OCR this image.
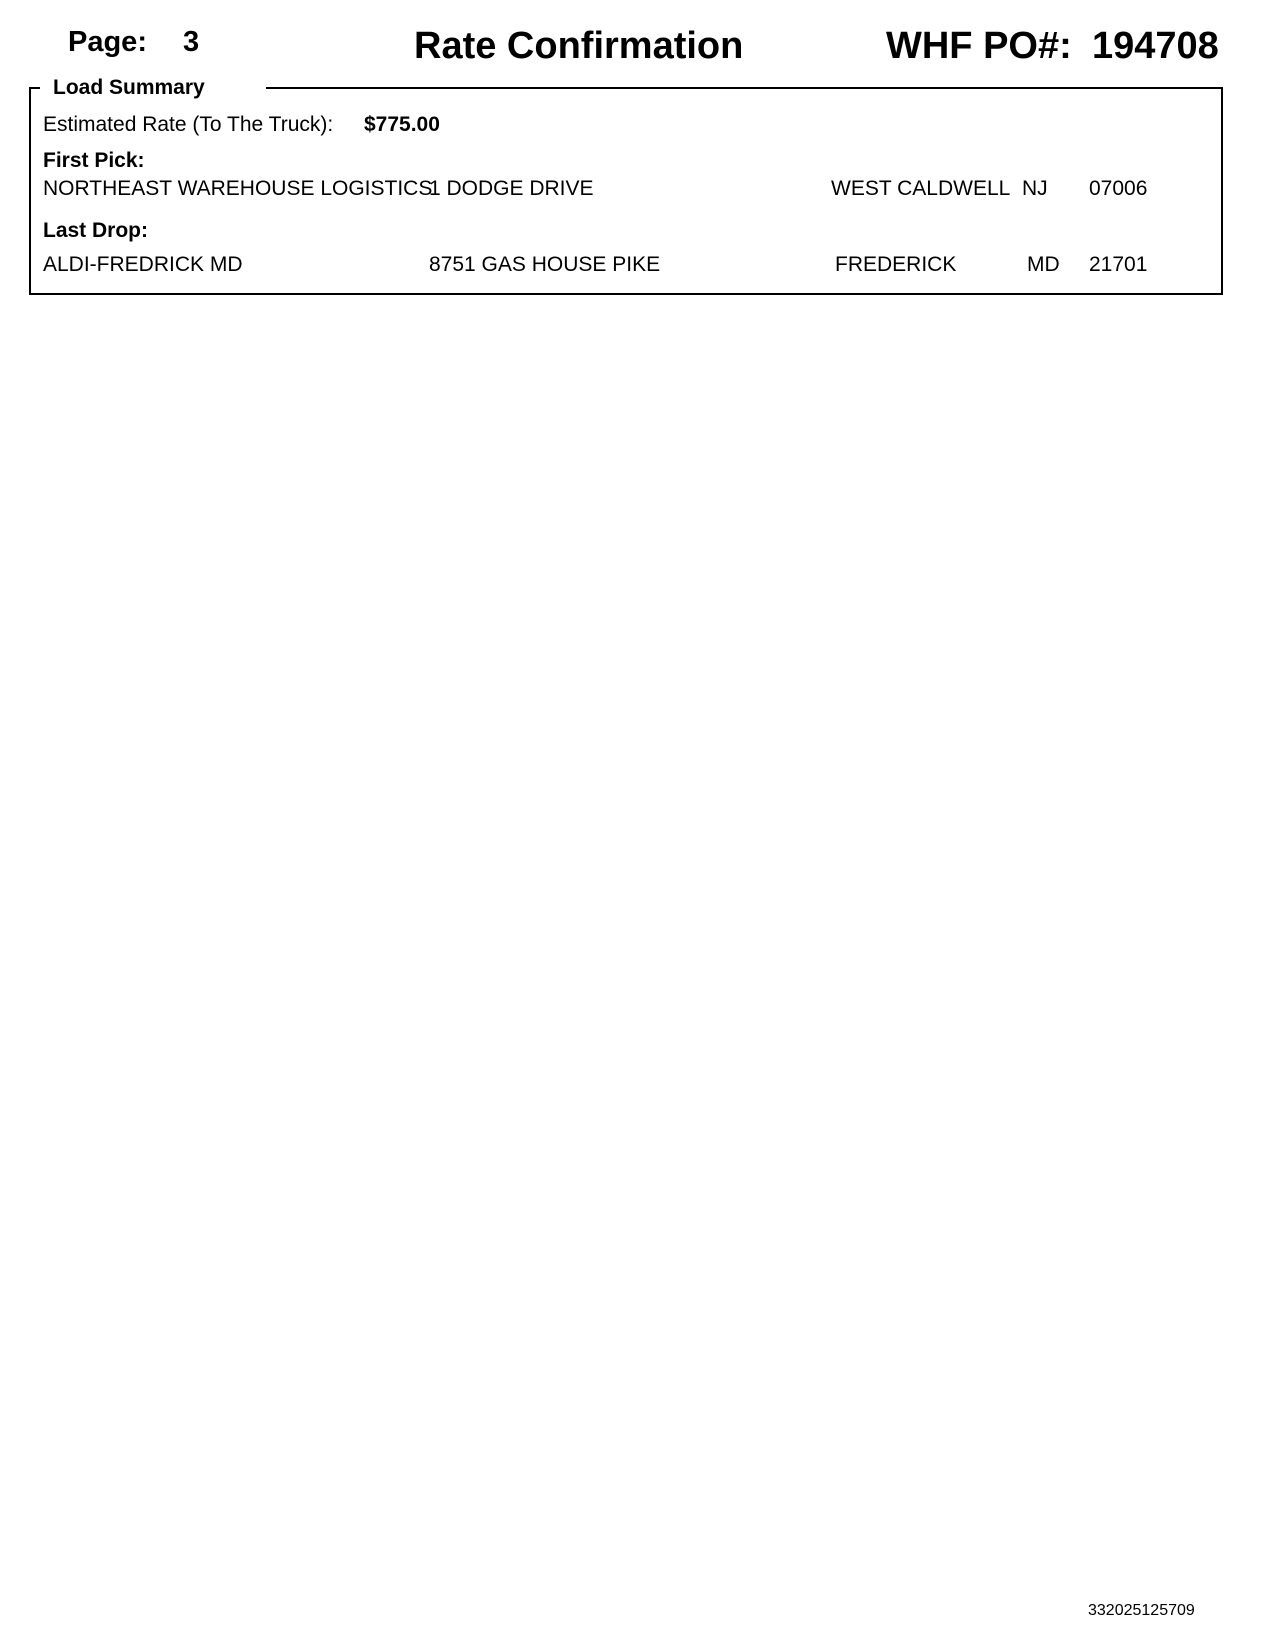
Page: 3	Rate Confirmation	WHF PO#: 194708
Load Summary
Estimated Rate (To The Truck): $775.00
First Pick:
NORTHEAST WAREHOUSE LOGISTICS
1 DODGE DRIVE	WEST CALDWELL NJ 07006
Last Drop:
ALDI-FREDRICK MD	8751 GAS HOUSE PIKE	FREDERICK	MD 21701
332025125709
